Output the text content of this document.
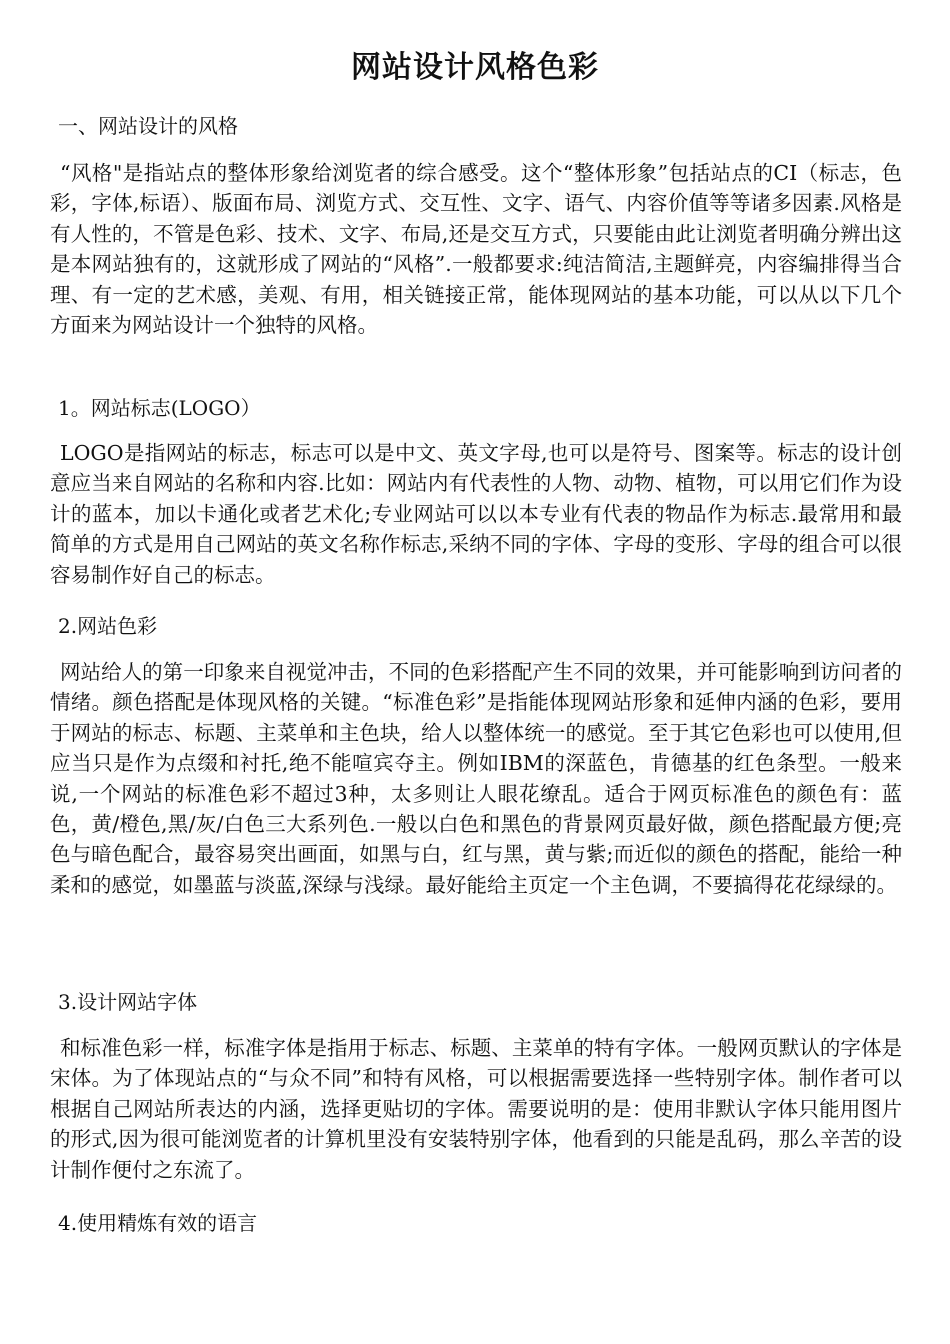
网站设计风格色彩
一、网站设计的风格

“风格"是指站点的整体形象给浏览者的综合感受。这个“整体形象”包括站点的CI（标志，色彩，字体,标语）、版面布局、浏览方式、交互性、文字、语气、内容价值等等诸多因素.风格是有人性的，不管是色彩、技术、文字、布局,还是交互方式，只要能由此让浏览者明确分辨出这是本网站独有的，这就形成了网站的“风格”.一般都要求:纯洁简洁,主题鲜亮，内容编排得当合理、有一定的艺术感，美观、有用，相关链接正常，能体现网站的基本功能，可以从以下几个方面来为网站设计一个独特的风格。

1。网站标志(LOGO）

LOGO是指网站的标志，标志可以是中文、英文字母,也可以是符号、图案等。标志的设计创意应当来自网站的名称和内容.比如：网站内有代表性的人物、动物、植物，可以用它们作为设计的蓝本，加以卡通化或者艺术化;专业网站可以以本专业有代表的物品作为标志.最常用和最简单的方式是用自己网站的英文名称作标志,采纳不同的字体、字母的变形、字母的组合可以很容易制作好自己的标志。

2.网站色彩

网站给人的第一印象来自视觉冲击，不同的色彩搭配产生不同的效果，并可能影响到访问者的情绪。颜色搭配是体现风格的关键。“标准色彩”是指能体现网站形象和延伸内涵的色彩，要用于网站的标志、标题、主菜单和主色块，给人以整体统一的感觉。至于其它色彩也可以使用,但应当只是作为点缀和衬托,绝不能喧宾夺主。例如IBM的深蓝色，肯德基的红色条型。一般来说,一个网站的标准色彩不超过3种，太多则让人眼花缭乱。适合于网页标准色的颜色有：蓝色，黄/橙色,黑/灰/白色三大系列色.一般以白色和黑色的背景网页最好做，颜色搭配最方便;亮色与暗色配合，最容易突出画面，如黑与白，红与黑，黄与紫;而近似的颜色的搭配，能给一种柔和的感觉，如墨蓝与淡蓝,深绿与浅绿。最好能给主页定一个主色调，不要搞得花花绿绿的。

3.设计网站字体

和标准色彩一样，标准字体是指用于标志、标题、主菜单的特有字体。一般网页默认的字体是宋体。为了体现站点的“与众不同”和特有风格，可以根据需要选择一些特别字体。制作者可以根据自己网站所表达的内涵，选择更贴切的字体。需要说明的是：使用非默认字体只能用图片的形式,因为很可能浏览者的计算机里没有安装特别字体，他看到的只能是乱码，那么辛苦的设计制作便付之东流了。

4.使用精炼有效的语言
